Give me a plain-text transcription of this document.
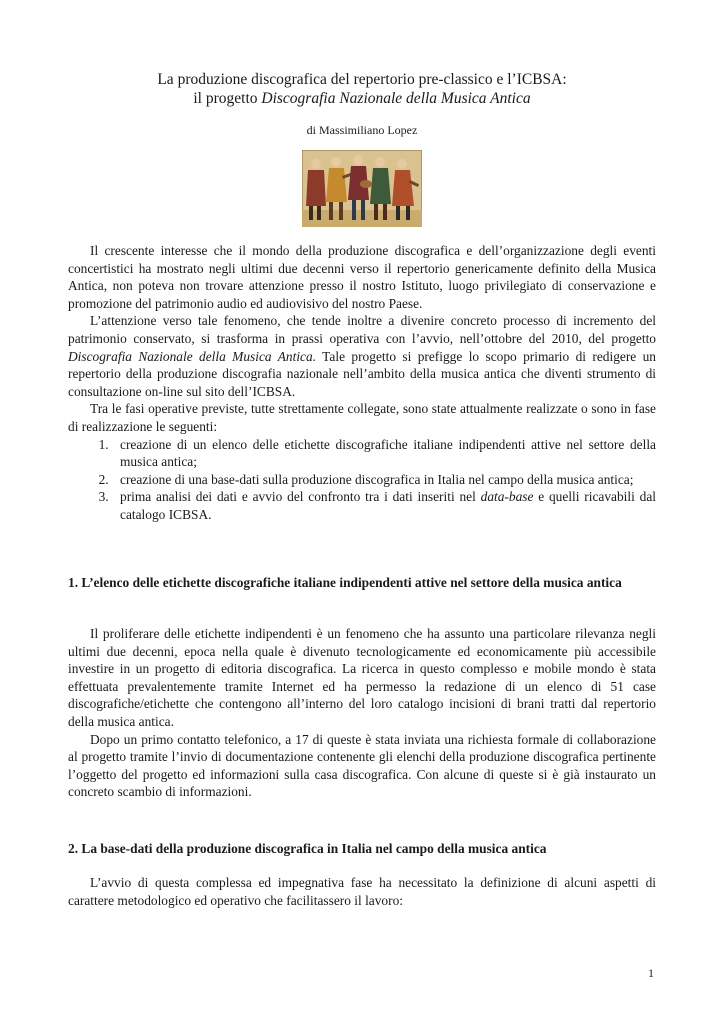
La produzione discografica del repertorio pre-classico e l’ICBSA:
il progetto Discografia Nazionale della Musica Antica
di Massimiliano Lopez

Il crescente interesse che il mondo della produzione discografica e dell’organizzazione degli eventi concertistici ha mostrato negli ultimi due decenni verso il repertorio genericamente definito della Musica Antica, non poteva non trovare attenzione presso il nostro Istituto, luogo privilegiato di conservazione e promozione del patrimonio audio ed audiovisivo del nostro Paese.

L’attenzione verso tale fenomeno, che tende inoltre a divenire concreto processo di incremento del patrimonio conservato, si trasforma in prassi operativa con l’avvio, nell’ottobre del 2010, del progetto Discografia Nazionale della Musica Antica. Tale progetto si prefigge lo scopo primario di redigere un repertorio della produzione discografia nazionale nell’ambito della musica antica che diventi strumento di consultazione on-line sul sito dell’ICBSA.

Tra le fasi operative previste, tutte strettamente collegate, sono state attualmente realizzate o sono in fase di realizzazione le seguenti:

1. creazione di un elenco delle etichette discografiche italiane indipendenti attive nel settore della musica antica;
2. creazione di una base-dati sulla produzione discografica in Italia nel campo della musica antica;
3. prima analisi dei dati e avvio del confronto tra i dati inseriti nel data-base e quelli ricavabili dal catalogo ICBSA.
1. L’elenco delle etichette discografiche italiane indipendenti attive nel settore della musica antica

Il proliferare delle etichette indipendenti è un fenomeno che ha assunto una particolare rilevanza negli ultimi due decenni, epoca nella quale è divenuto tecnologicamente ed economicamente più accessibile investire in un progetto di editoria discografica. La ricerca in questo complesso e mobile mondo è stata effettuata prevalentemente tramite Internet ed ha permesso la redazione di un elenco di 51 case discografiche/etichette che contengono all’interno del loro catalogo incisioni di brani tratti dal repertorio della musica antica.

Dopo un primo contatto telefonico, a 17 di queste è stata inviata una richiesta formale di collaborazione al progetto tramite l’invio di documentazione contenente gli elenchi della produzione discografica pertinente l’oggetto del progetto ed informazioni sulla casa discografica. Con alcune di queste si è già instaurato un concreto scambio di informazioni.

2. La base-dati della produzione discografica in Italia nel campo della musica antica

L’avvio di questa complessa ed impegnativa fase ha necessitato la definizione di alcuni aspetti di carattere metodologico ed operativo che facilitassero il lavoro:

1
